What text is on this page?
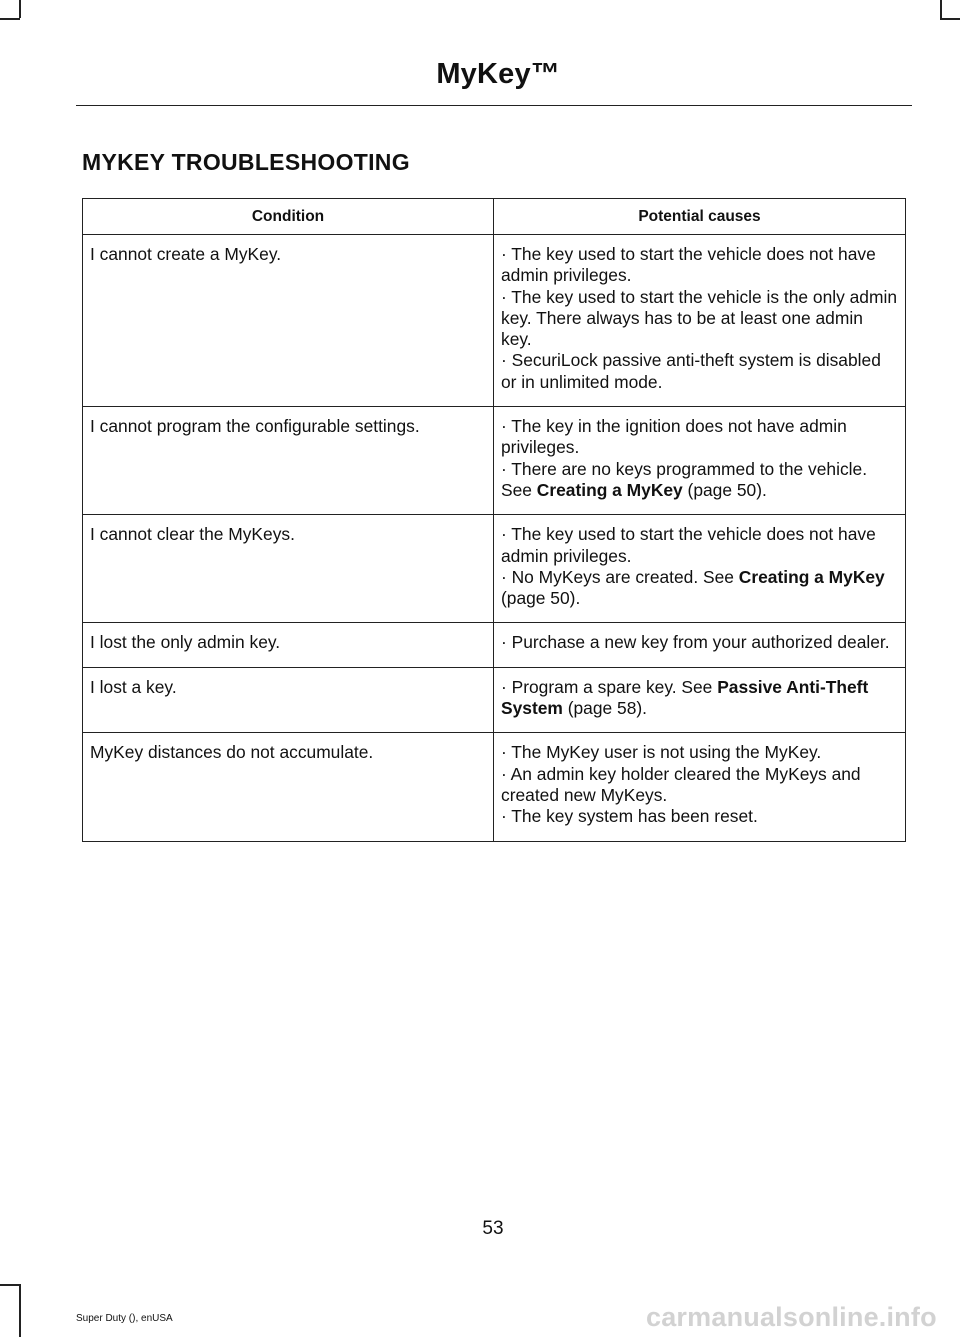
MyKey™
MYKEY TROUBLESHOOTING
Condition	Potential causes
I cannot create a MyKey.	· The key used to start the vehicle does not have admin privileges.
· The key used to start the vehicle is the only admin key. There always has to be at least one admin key.
· SecuriLock passive anti-theft system is disabled or in unlimited mode.

I cannot program the configurable settings.	· The key in the ignition does not have admin privileges.
· There are no keys programmed to the vehicle. See Creating a MyKey (page 50).

I cannot clear the MyKeys.	· The key used to start the vehicle does not have admin privileges.
· No MyKeys are created. See Creating a MyKey (page 50).

I lost the only admin key.	· Purchase a new key from your authorized dealer.

I lost a key.	· Program a spare key. See Passive Anti-Theft System (page 58).

MyKey distances do not accumulate.	· The MyKey user is not using the MyKey.
· An admin key holder cleared the MyKeys and created new MyKeys.
· The key system has been reset.
53
Super Duty (), enUSA	carmanualsonline.info
